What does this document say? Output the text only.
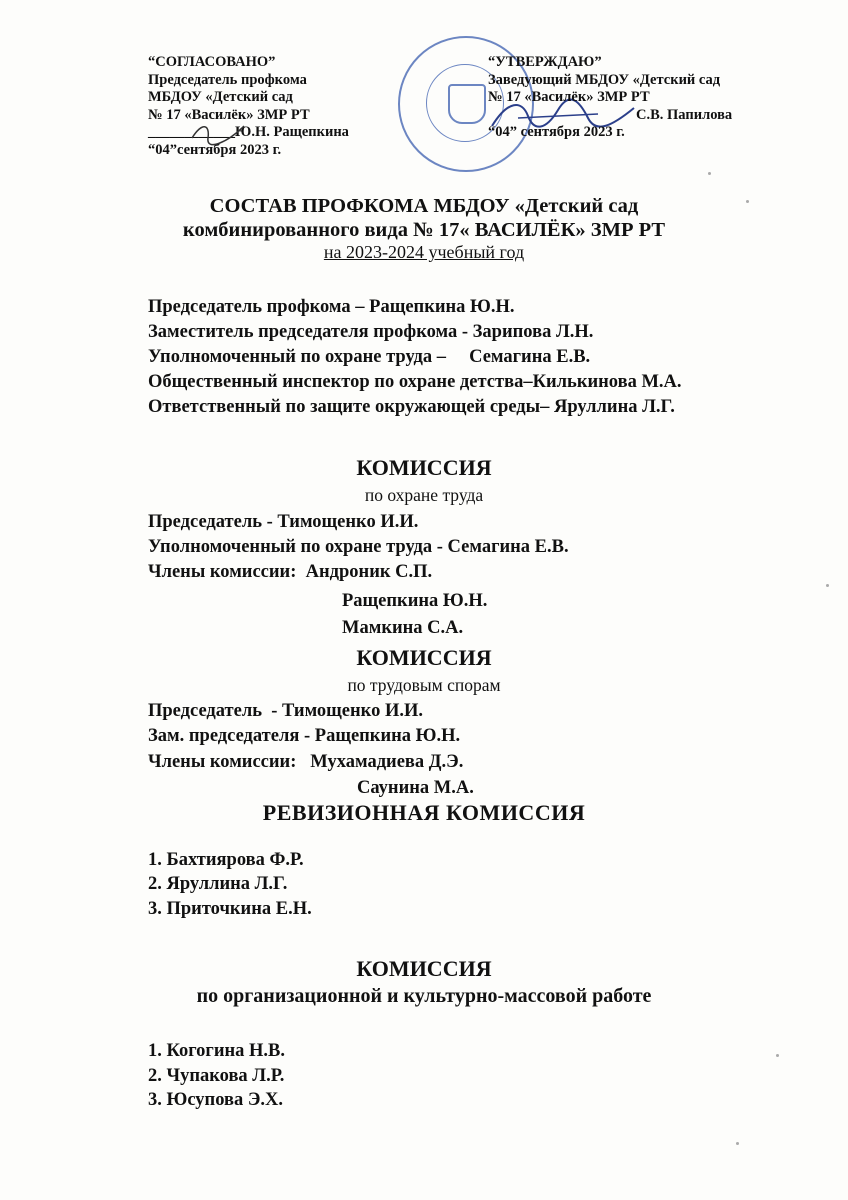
“СОГЛАСОВАНО”
Председатель профкома
МБДОУ «Детский сад
№ 17 «Василёк» ЗМР РТ
____________Ю.Н. Ращепкина
“04”сентября 2023 г.
“УТВЕРЖДАЮ”
Заведующий МБДОУ «Детский сад
№ 17 «Василёк» ЗМР РТ
С.В. Папилова
“04” сентября 2023 г.
СОСТАВ ПРОФКОМА МБДОУ «Детский сад
комбинированного вида № 17« ВАСИЛЁК» ЗМР РТ
на 2023-2024 учебный год
Председатель профкома – Ращепкина Ю.Н.
Заместитель председателя профкома - Зарипова Л.Н.
Уполномоченный по охране труда –     Семагина Е.В.
Общественный инспектор по охране детства–Килькинова М.А.
Ответственный по защите окружающей среды– Яруллина Л.Г.
КОМИССИЯ
по охране труда
Председатель - Тимощенко И.И.
Уполномоченный по охране труда - Семагина Е.В.
Члены комиссии:  Андроник С.П.
Ращепкина Ю.Н.
Мамкина С.А.
КОМИССИЯ
по трудовым спорам
Председатель  - Тимощенко И.И.
Зам. председателя - Ращепкина Ю.Н.
Члены комиссии:   Мухамадиева Д.Э.
Саунина М.А.
РЕВИЗИОННАЯ КОМИССИЯ
1. Бахтиярова Ф.Р.
2. Яруллина Л.Г.
3. Приточкина Е.Н.
КОМИССИЯ
по организационной и культурно-массовой работе
1. Когогина Н.В.
2. Чупакова Л.Р.
3. Юсупова Э.Х.
